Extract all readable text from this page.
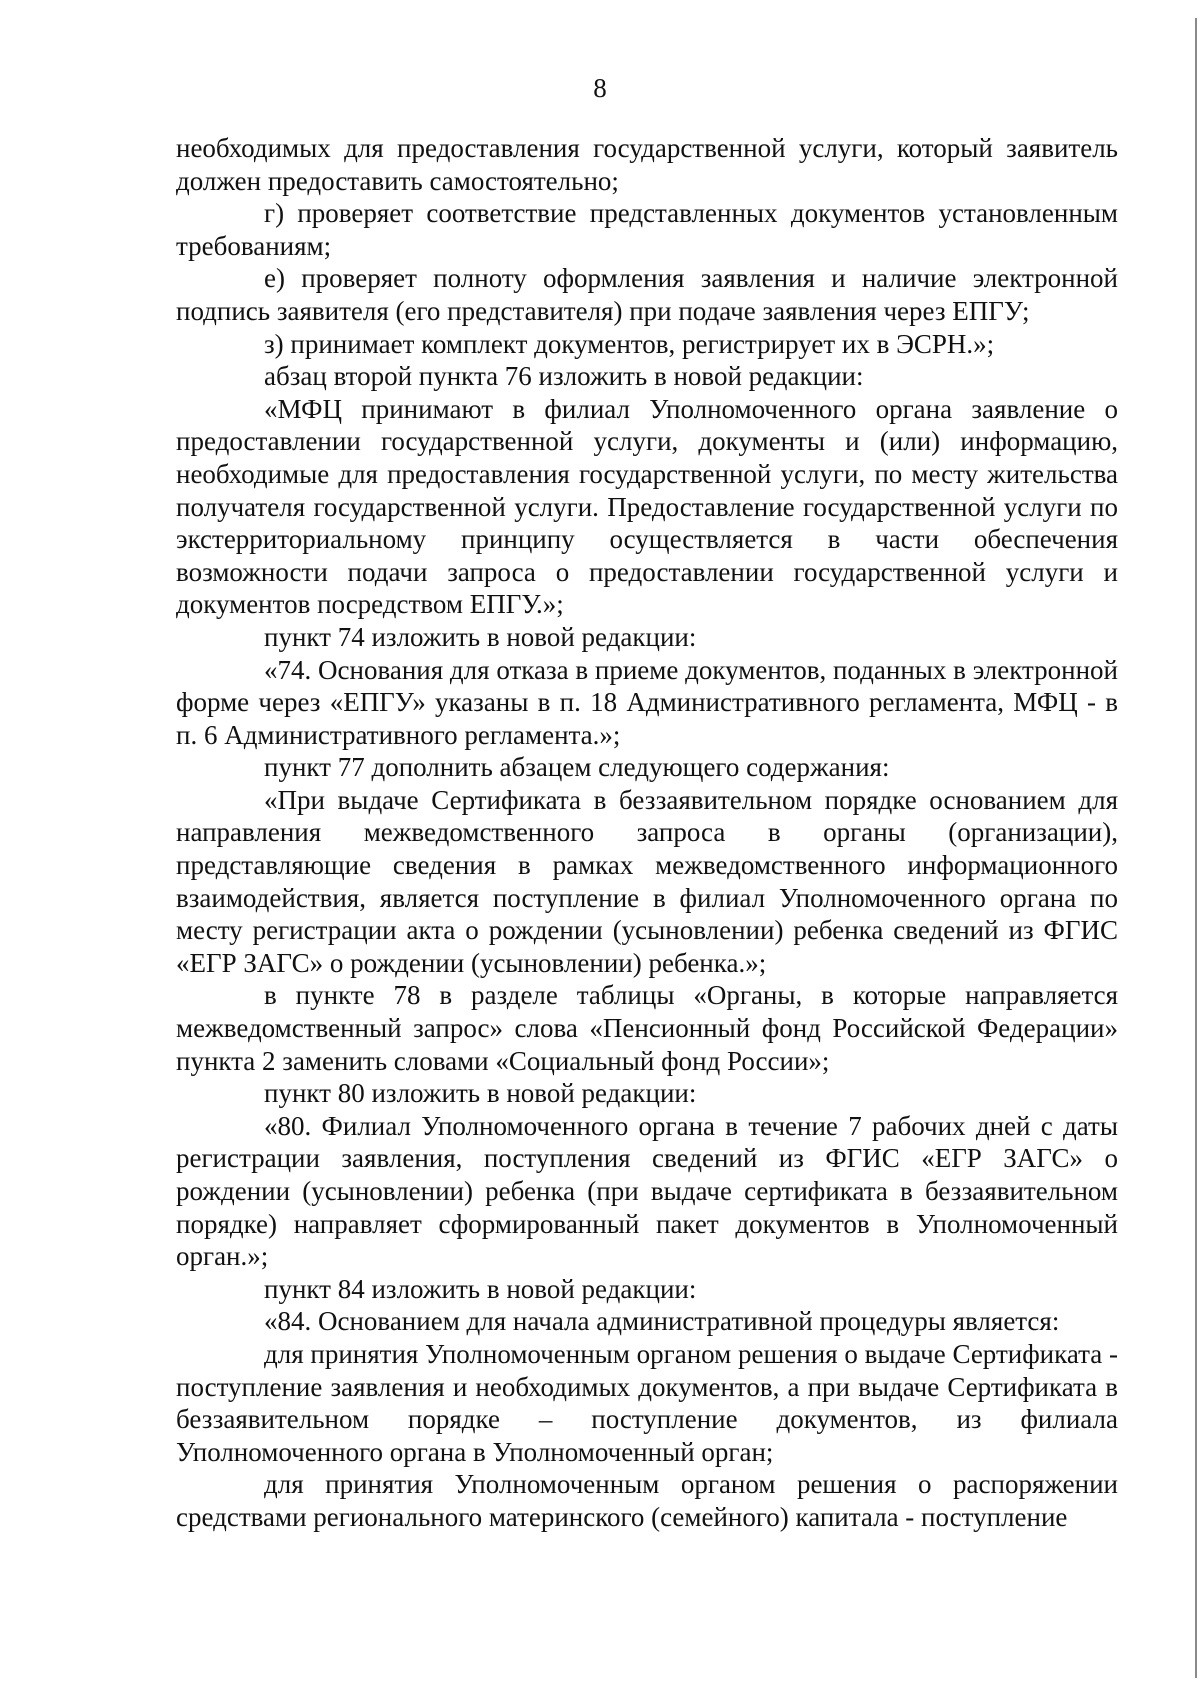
8

необходимых для предоставления государственной услуги, который заявитель должен предоставить самостоятельно;

г) проверяет соответствие представленных документов установленным требованиям;

е) проверяет полноту оформления заявления и наличие электронной подпись заявителя (его представителя) при подаче заявления через ЕПГУ;

з) принимает комплект документов, регистрирует их в ЭСРН.»;

абзац второй пункта 76 изложить в новой редакции:

«МФЦ принимают в филиал Уполномоченного органа заявление о предоставлении государственной услуги, документы и (или) информацию, необходимые для предоставления государственной услуги, по месту жительства получателя государственной услуги. Предоставление государственной услуги по экстерриториальному принципу осуществляется в части обеспечения возможности подачи запроса о предоставлении государственной услуги и документов посредством ЕПГУ.»;

пункт 74 изложить в новой редакции:

«74. Основания для отказа в приеме документов, поданных в электронной форме через «ЕПГУ» указаны в п. 18 Административного регламента, МФЦ - в п. 6 Административного регламента.»;

пункт 77 дополнить абзацем следующего содержания:

«При выдаче Сертификата в беззаявительном порядке основанием для направления межведомственного запроса в органы (организации), представляющие сведения в рамках межведомственного информационного взаимодействия, является поступление в филиал Уполномоченного органа по месту регистрации акта о рождении (усыновлении) ребенка сведений из ФГИС «ЕГР ЗАГС» о рождении (усыновлении) ребенка.»;

в пункте 78 в разделе таблицы «Органы, в которые направляется межведомственный запрос» слова «Пенсионный фонд Российской Федерации» пункта 2 заменить словами «Социальный фонд России»;

пункт 80 изложить в новой редакции:

«80. Филиал Уполномоченного органа в течение 7 рабочих дней с даты регистрации заявления, поступления сведений из ФГИС «ЕГР ЗАГС» о рождении (усыновлении) ребенка (при выдаче сертификата в беззаявительном порядке) направляет сформированный пакет документов в Уполномоченный орган.»;

пункт 84 изложить в новой редакции:

«84. Основанием для начала административной процедуры является:

для принятия Уполномоченным органом решения о выдаче Сертификата - поступление заявления и необходимых документов, а при выдаче Сертификата в беззаявительном порядке – поступление документов, из филиала Уполномоченного органа в Уполномоченный орган;

для принятия Уполномоченным органом решения о распоряжении средствами регионального материнского (семейного) капитала - поступление
